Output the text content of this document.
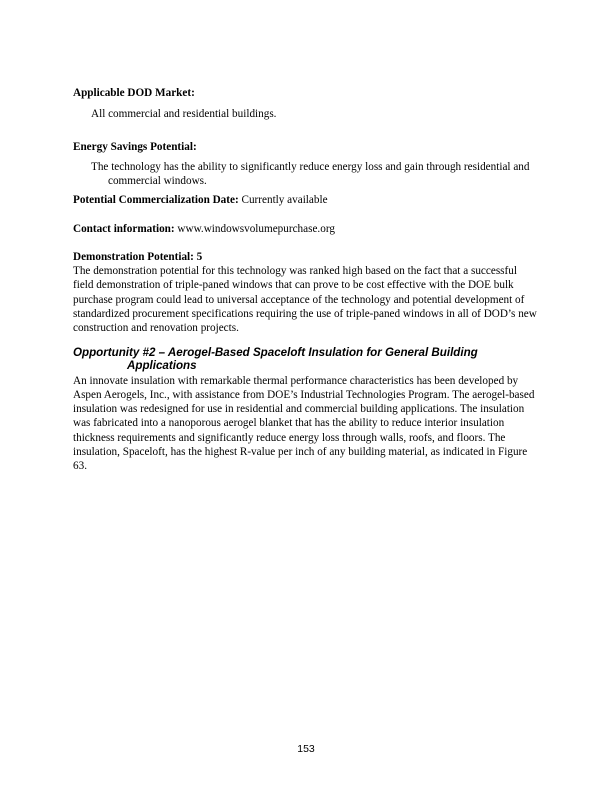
Applicable DOD Market:
All commercial and residential buildings.
Energy Savings Potential:
The technology has the ability to significantly reduce energy loss and gain through residential and commercial windows.
Potential Commercialization Date: Currently available
Contact information: www.windowsvolumepurchase.org
Demonstration Potential: 5
The demonstration potential for this technology was ranked high based on the fact that a successful field demonstration of triple-paned windows that can prove to be cost effective with the DOE bulk purchase program could lead to universal acceptance of the technology and potential development of standardized procurement specifications requiring the use of triple-paned windows in all of DOD’s new construction and renovation projects.
Opportunity #2 – Aerogel-Based Spaceloft Insulation for General Building Applications
An innovate insulation with remarkable thermal performance characteristics has been developed by Aspen Aerogels, Inc., with assistance from DOE’s Industrial Technologies Program. The aerogel-based insulation was redesigned for use in residential and commercial building applications. The insulation was fabricated into a nanoporous aerogel blanket that has the ability to reduce interior insulation thickness requirements and significantly reduce energy loss through walls, roofs, and floors. The insulation, Spaceloft, has the highest R-value per inch of any building material, as indicated in Figure 63.
153
